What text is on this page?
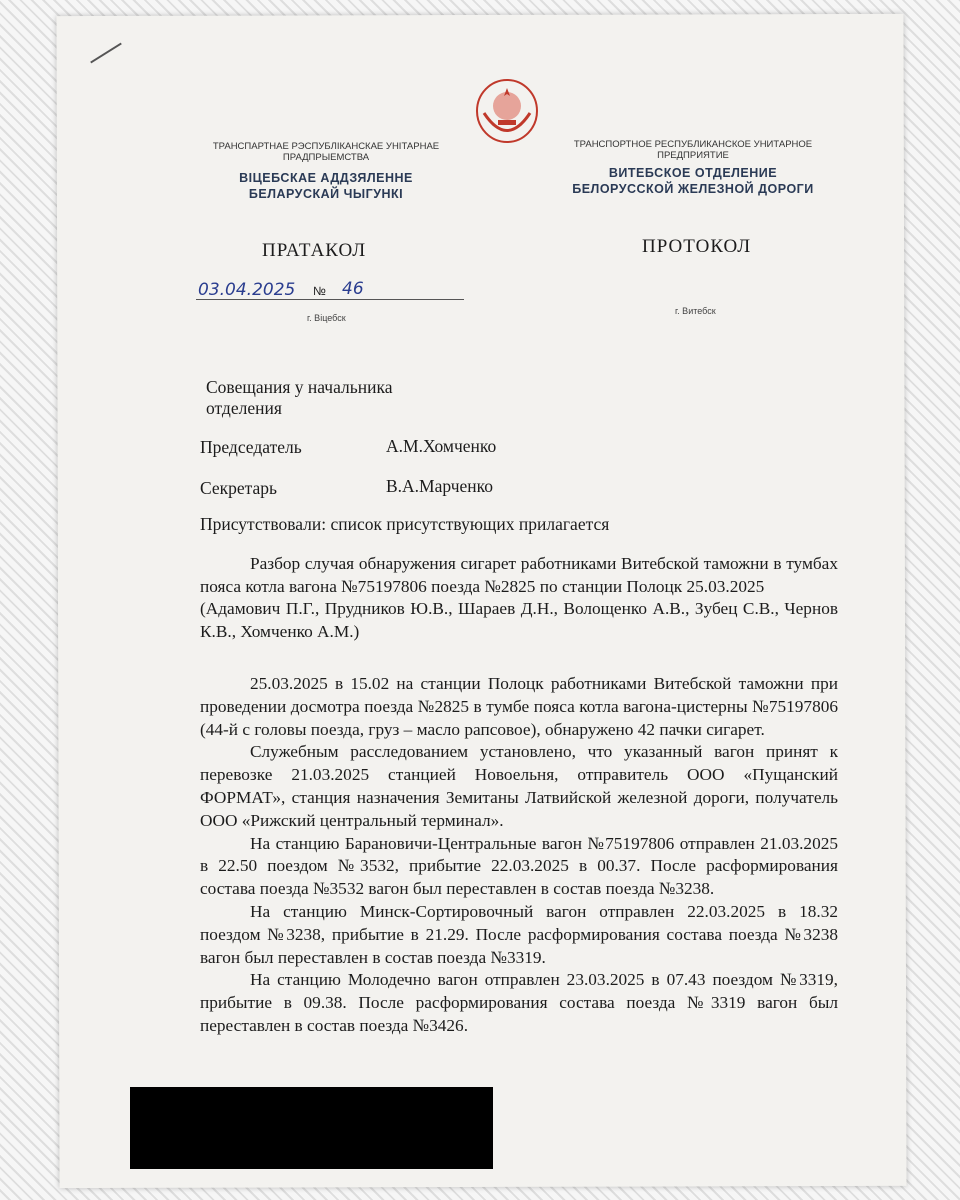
ТРАНСПАРТНАЕ РЭСПУБЛІКАНСКАЕ УНІТАРНАЕ
ПРАДПРЫЕМСТВА
ВІЦЕБСКАЕ АДДЗЯЛЕННЕ
БЕЛАРУСКАЙ ЧЫГУНКІ
ТРАНСПОРТНОЕ РЕСПУБЛИКАНСКОЕ УНИТАРНОЕ
ПРЕДПРИЯТИЕ
ВИТЕБСКОЕ ОТДЕЛЕНИЕ
БЕЛОРУССКОЙ ЖЕЛЕЗНОЙ ДОРОГИ
ПРАТАКОЛ	ПРОТОКОЛ
03.04.2025 № 46
г. Віцебск
г. Витебск
Совещания у начальника
отделения
Председатель	А.М.Хомченко
Секретарь	В.А.Марченко
Присутствовали: список присутствующих прилагается
Разбор случая обнаружения сигарет работниками Витебской таможни в тумбах пояса котла вагона №75197806 поезда №2825 по станции Полоцк 25.03.2025
(Адамович П.Г., Прудников Ю.В., Шараев Д.Н., Волощенко А.В., Зубец С.В., Чернов К.В., Хомченко А.М.)
25.03.2025 в 15.02 на станции Полоцк работниками Витебской таможни при проведении досмотра поезда №2825 в тумбе пояса котла вагона-цистерны №75197806 (44-й с головы поезда, груз – масло рапсовое), обнаружено 42 пачки сигарет.
Служебным расследованием установлено, что указанный вагон принят к перевозке 21.03.2025 станцией Новоельня, отправитель ООО «Пущанский ФОРМАТ», станция назначения Земитаны Латвийской железной дороги, получатель ООО «Рижский центральный терминал».
На станцию Барановичи-Центральные вагон №75197806 отправлен 21.03.2025 в 22.50 поездом №3532, прибытие 22.03.2025 в 00.37. После расформирования состава поезда №3532 вагон был переставлен в состав поезда №3238.
На станцию Минск-Сортировочный вагон отправлен 22.03.2025 в 18.32 поездом №3238, прибытие в 21.29. После расформирования состава поезда №3238 вагон был переставлен в состав поезда №3319.
На станцию Молодечно вагон отправлен 23.03.2025 в 07.43 поездом №3319, прибытие в 09.38. После расформирования состава поезда №3319 вагон был переставлен в состав поезда №3426.
